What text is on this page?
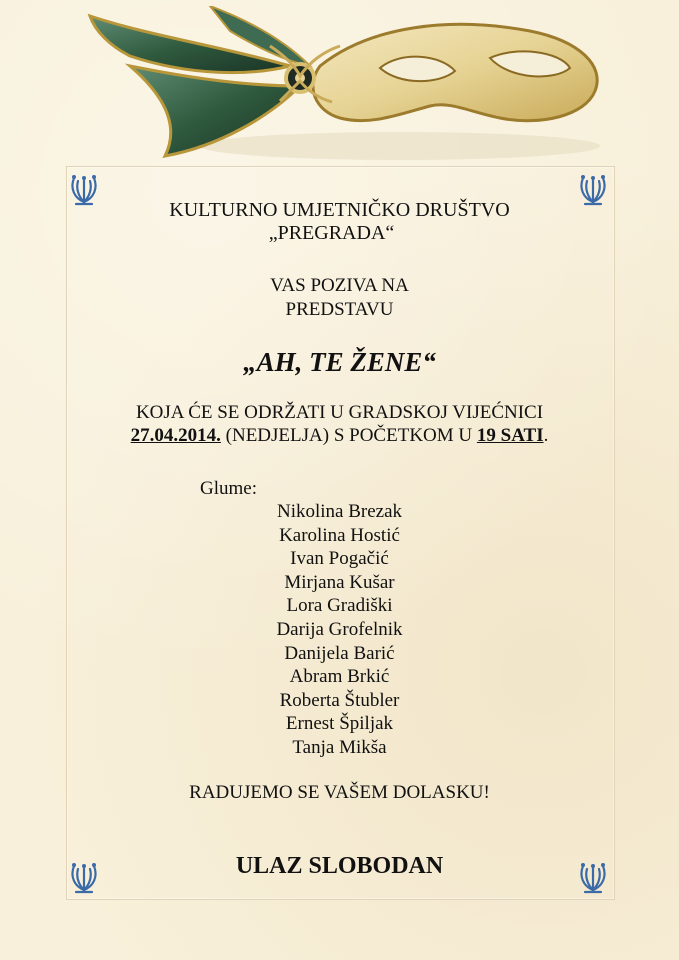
KULTURNO UMJETNIČKO DRUŠTVO
„PREGRADA“
VAS POZIVA NA
PREDSTAVU
„AH, TE ŽENE“
KOJA ĆE SE ODRŽATI U GRADSKOJ VIJEĆNICI
27.04.2014. (NEDJELJA) S POČETKOM U 19 SATI.
Glume:
Nikolina Brezak
Karolina Hostić
Ivan Pogačić
Mirjana Kušar
Lora Gradiški
Darija Grofelnik
Danijela Barić
Abram Brkić
Roberta Štubler
Ernest Špiljak
Tanja Mikša
RADUJEMO SE VAŠEM DOLASKU!
ULAZ SLOBODAN
